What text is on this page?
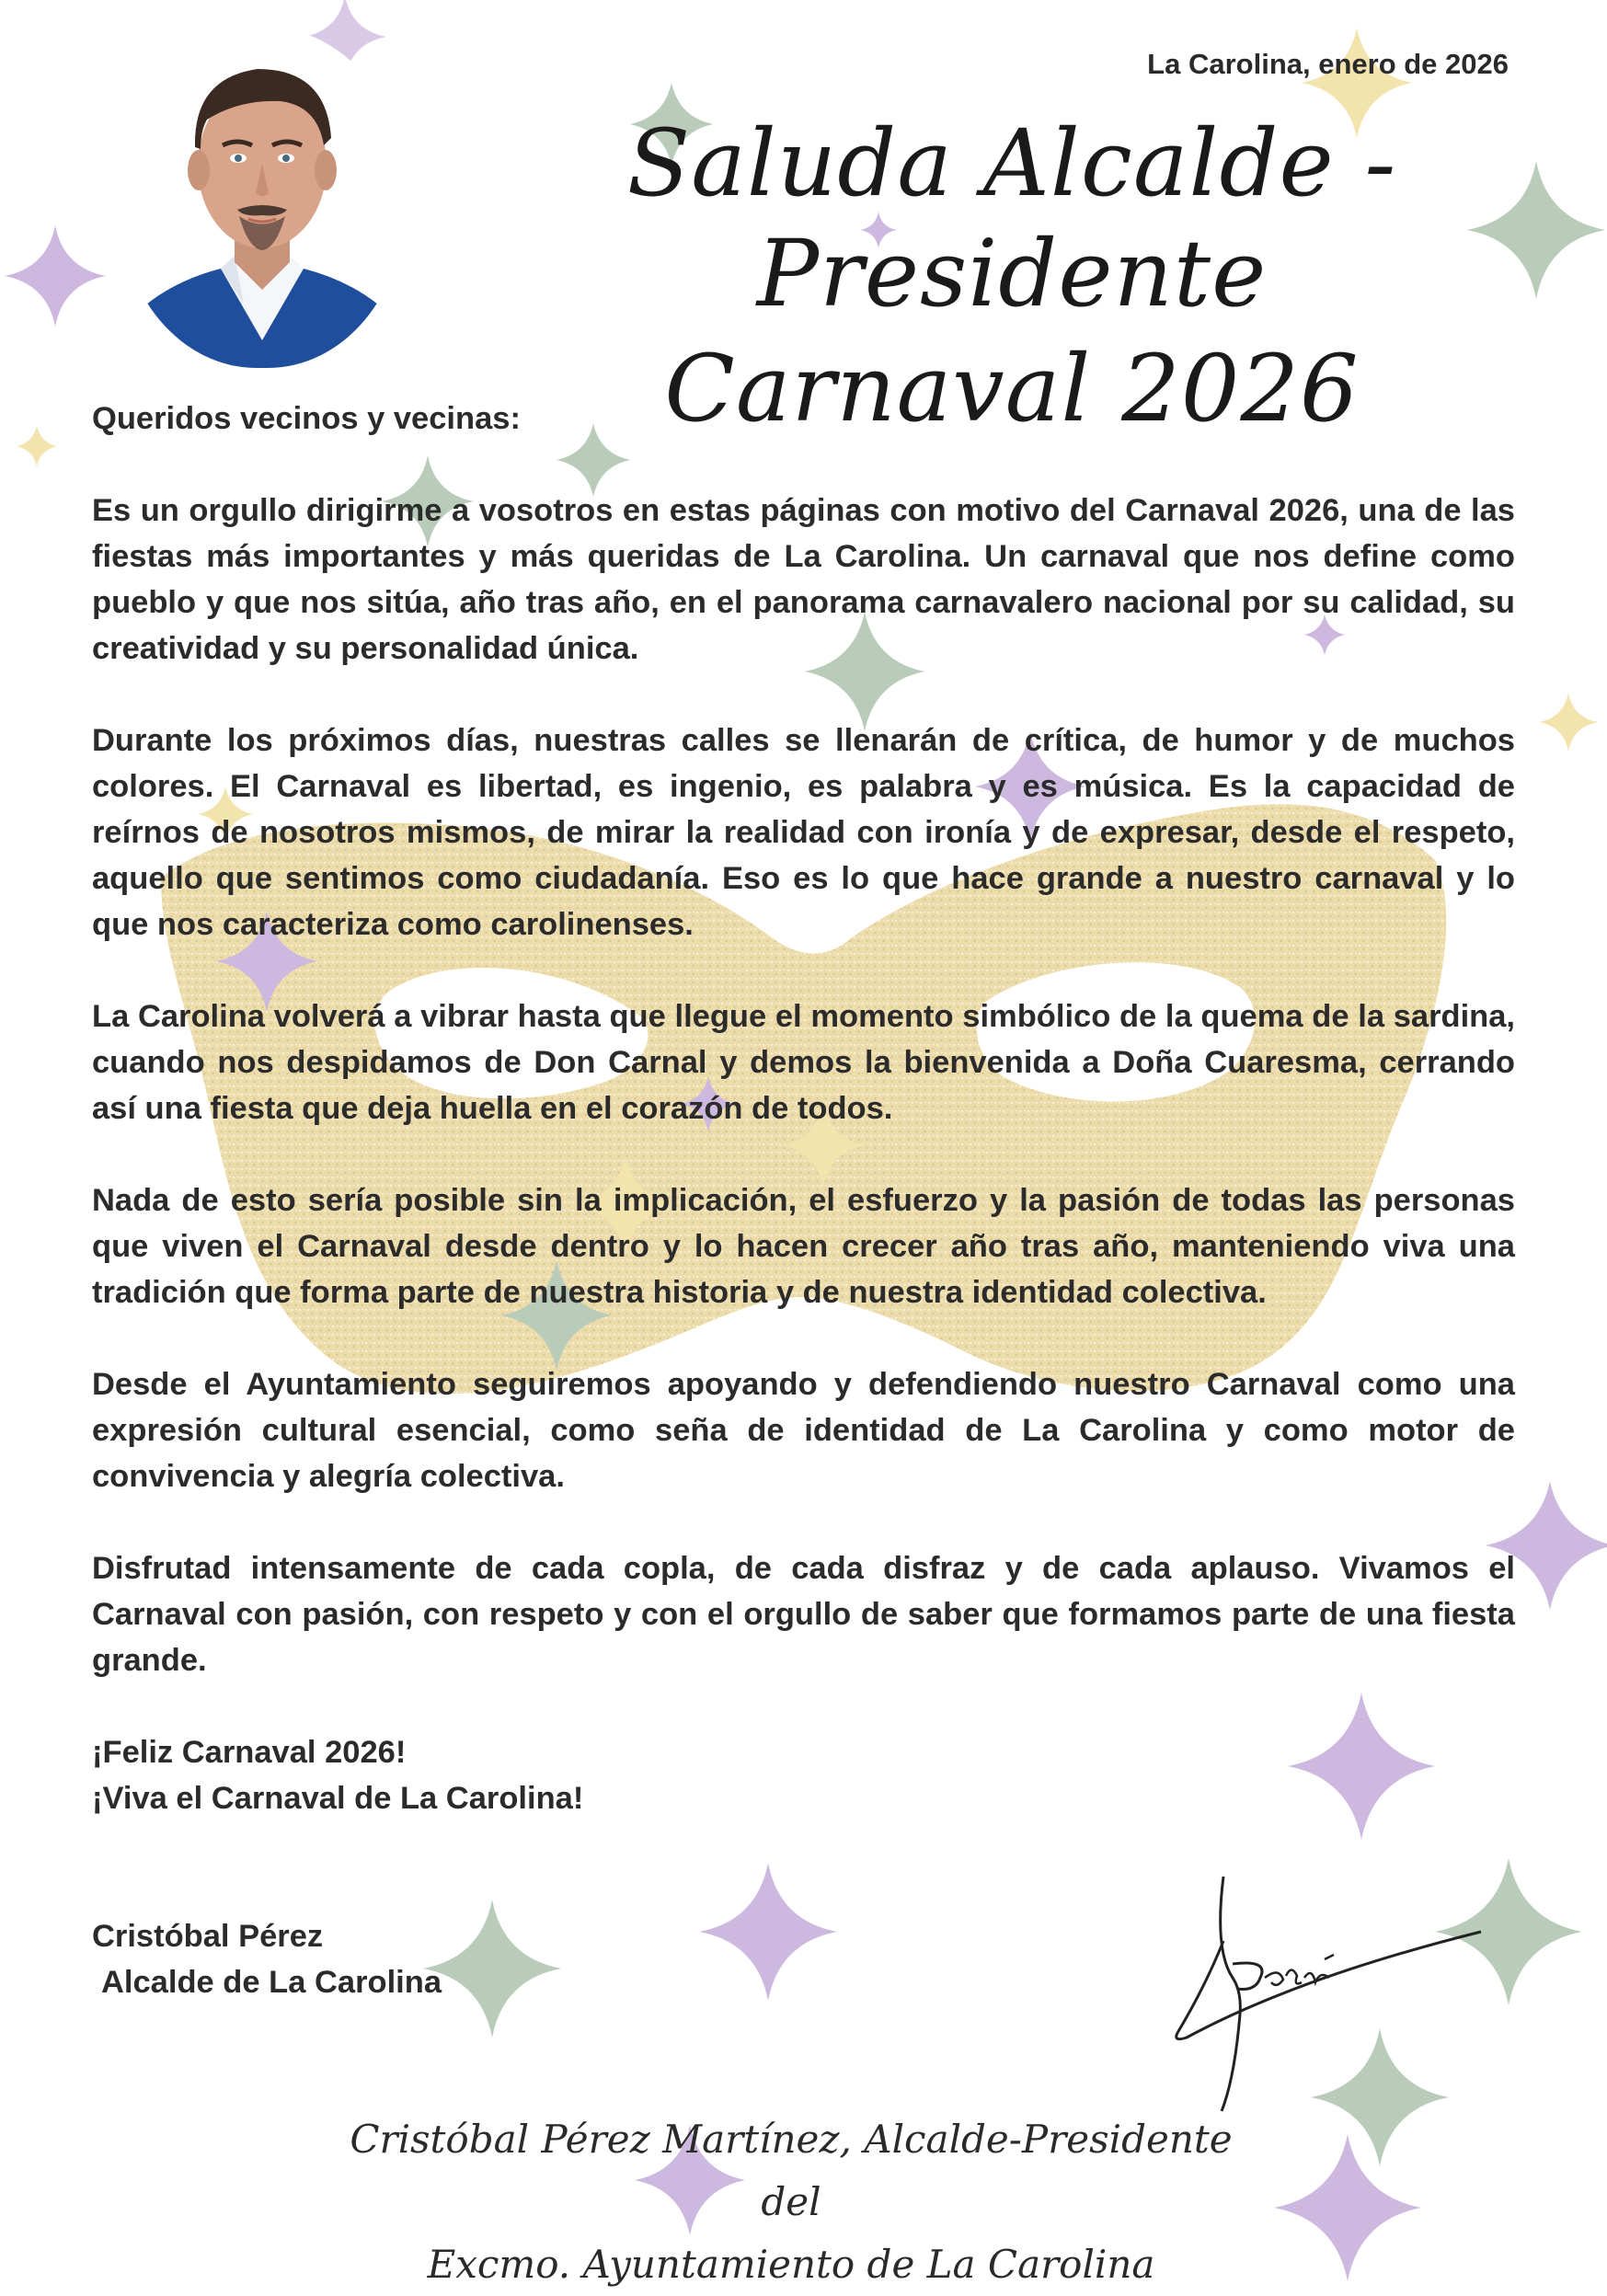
La Carolina, enero de 2026
Saluda Alcalde - Presidente
Carnaval 2026

Queridos vecinos y vecinas:

Es un orgullo dirigirme a vosotros en estas páginas con motivo del Carnaval 2026, una de las fiestas más importantes y más queridas de La Carolina. Un carnaval que nos define como pueblo y que nos sitúa, año tras año, en el panorama carnavalero nacional por su calidad, su creatividad y su personalidad única.

Durante los próximos días, nuestras calles se llenarán de crítica, de humor y de muchos colores. El Carnaval es libertad, es ingenio, es palabra y es música. Es la capacidad de reírnos de nosotros mismos, de mirar la realidad con ironía y de expresar, desde el respeto, aquello que sentimos como ciudadanía. Eso es lo que hace grande a nuestro carnaval y lo que nos caracteriza como carolinenses.

La Carolina volverá a vibrar hasta que llegue el momento simbólico de la quema de la sardina, cuando nos despidamos de Don Carnal y demos la bienvenida a Doña Cuaresma, cerrando así una fiesta que deja huella en el corazón de todos.

Nada de esto sería posible sin la implicación, el esfuerzo y la pasión de todas las personas que viven el Carnaval desde dentro y lo hacen crecer año tras año, manteniendo viva una tradición que forma parte de nuestra historia y de nuestra identidad colectiva.

Desde el Ayuntamiento seguiremos apoyando y defendiendo nuestro Carnaval como una expresión cultural esencial, como seña de identidad de La Carolina y como motor de convivencia y alegría colectiva.

Disfrutad intensamente de cada copla, de cada disfraz y de cada aplauso. Vivamos el Carnaval con pasión, con respeto y con el orgullo de saber que formamos parte de una fiesta grande.

¡Feliz Carnaval 2026!

¡Viva el Carnaval de La Carolina!

Cristóbal Pérez
Alcalde de La Carolina
Cristóbal Pérez Martínez, Alcalde-Presidente del
Excmo. Ayuntamiento de La Carolina
